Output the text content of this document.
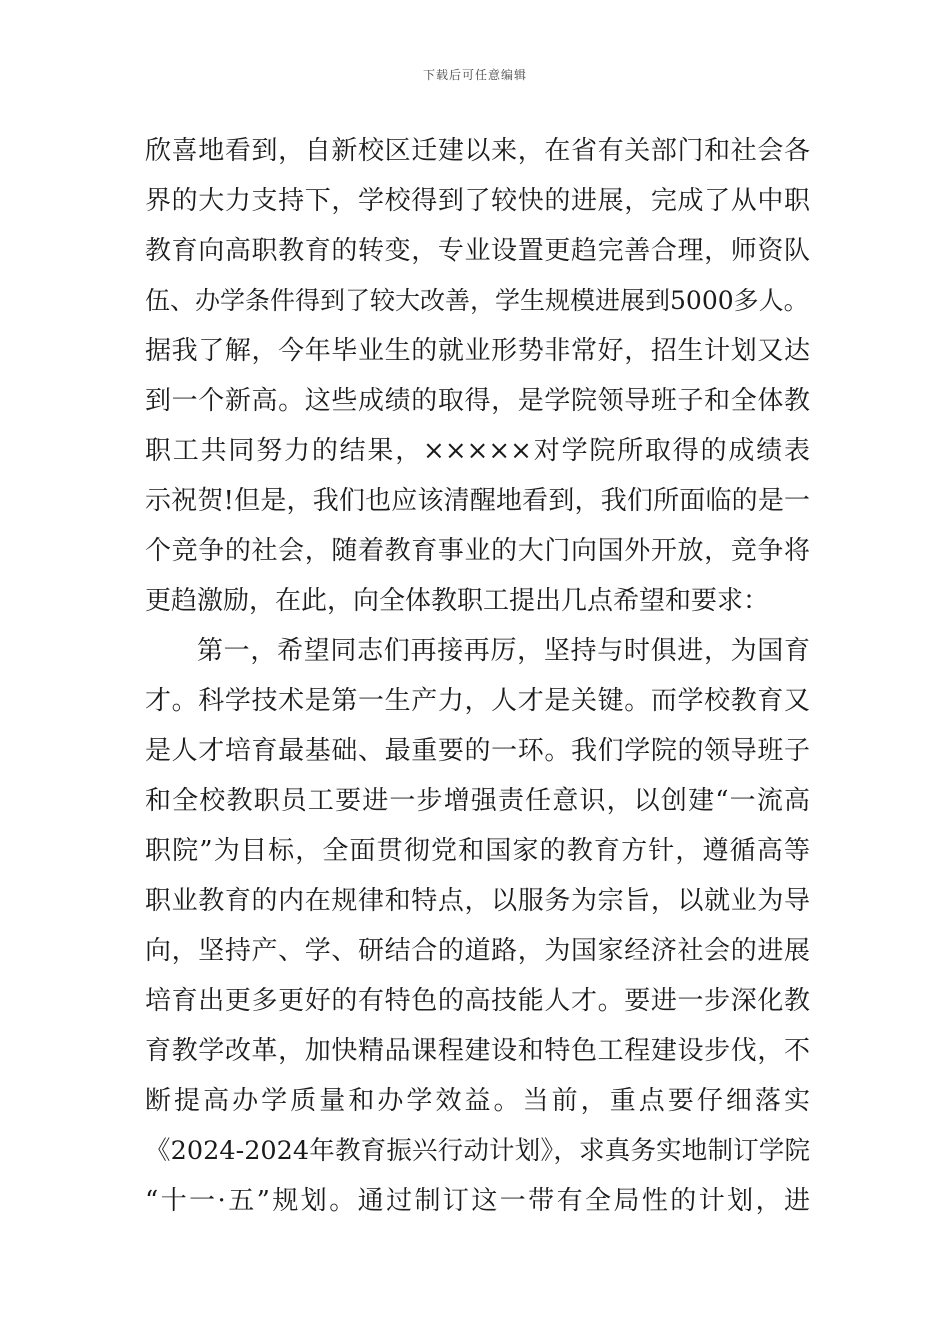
下载后可任意编辑
欣喜地看到，自新校区迁建以来，在省有关部门和社会各
界的大力支持下，学校得到了较快的进展，完成了从中职
教育向高职教育的转变，专业设置更趋完善合理，师资队
伍、办学条件得到了较大改善，学生规模进展到5000多人。
据我了解，今年毕业生的就业形势非常好，招生计划又达
到一个新高。这些成绩的取得，是学院领导班子和全体教
职工共同努力的结果，×××××对学院所取得的成绩表
示祝贺!但是，我们也应该清醒地看到，我们所面临的是一
个竞争的社会，随着教育事业的大门向国外开放，竞争将
更趋激励，在此，向全体教职工提出几点希望和要求：
第一，希望同志们再接再厉，坚持与时俱进，为国育
才。科学技术是第一生产力，人才是关键。而学校教育又
是人才培育最基础、最重要的一环。我们学院的领导班子
和全校教职员工要进一步增强责任意识，以创建“一流高
职院”为目标，全面贯彻党和国家的教育方针，遵循高等
职业教育的内在规律和特点，以服务为宗旨，以就业为导
向，坚持产、学、研结合的道路，为国家经济社会的进展
培育出更多更好的有特色的高技能人才。要进一步深化教
育教学改革，加快精品课程建设和特色工程建设步伐，不
断提高办学质量和办学效益。当前，重点要仔细落实
《2024-2024年教育振兴行动计划》，求真务实地制订学院
“十一·五”规划。通过制订这一带有全局性的计划，进
